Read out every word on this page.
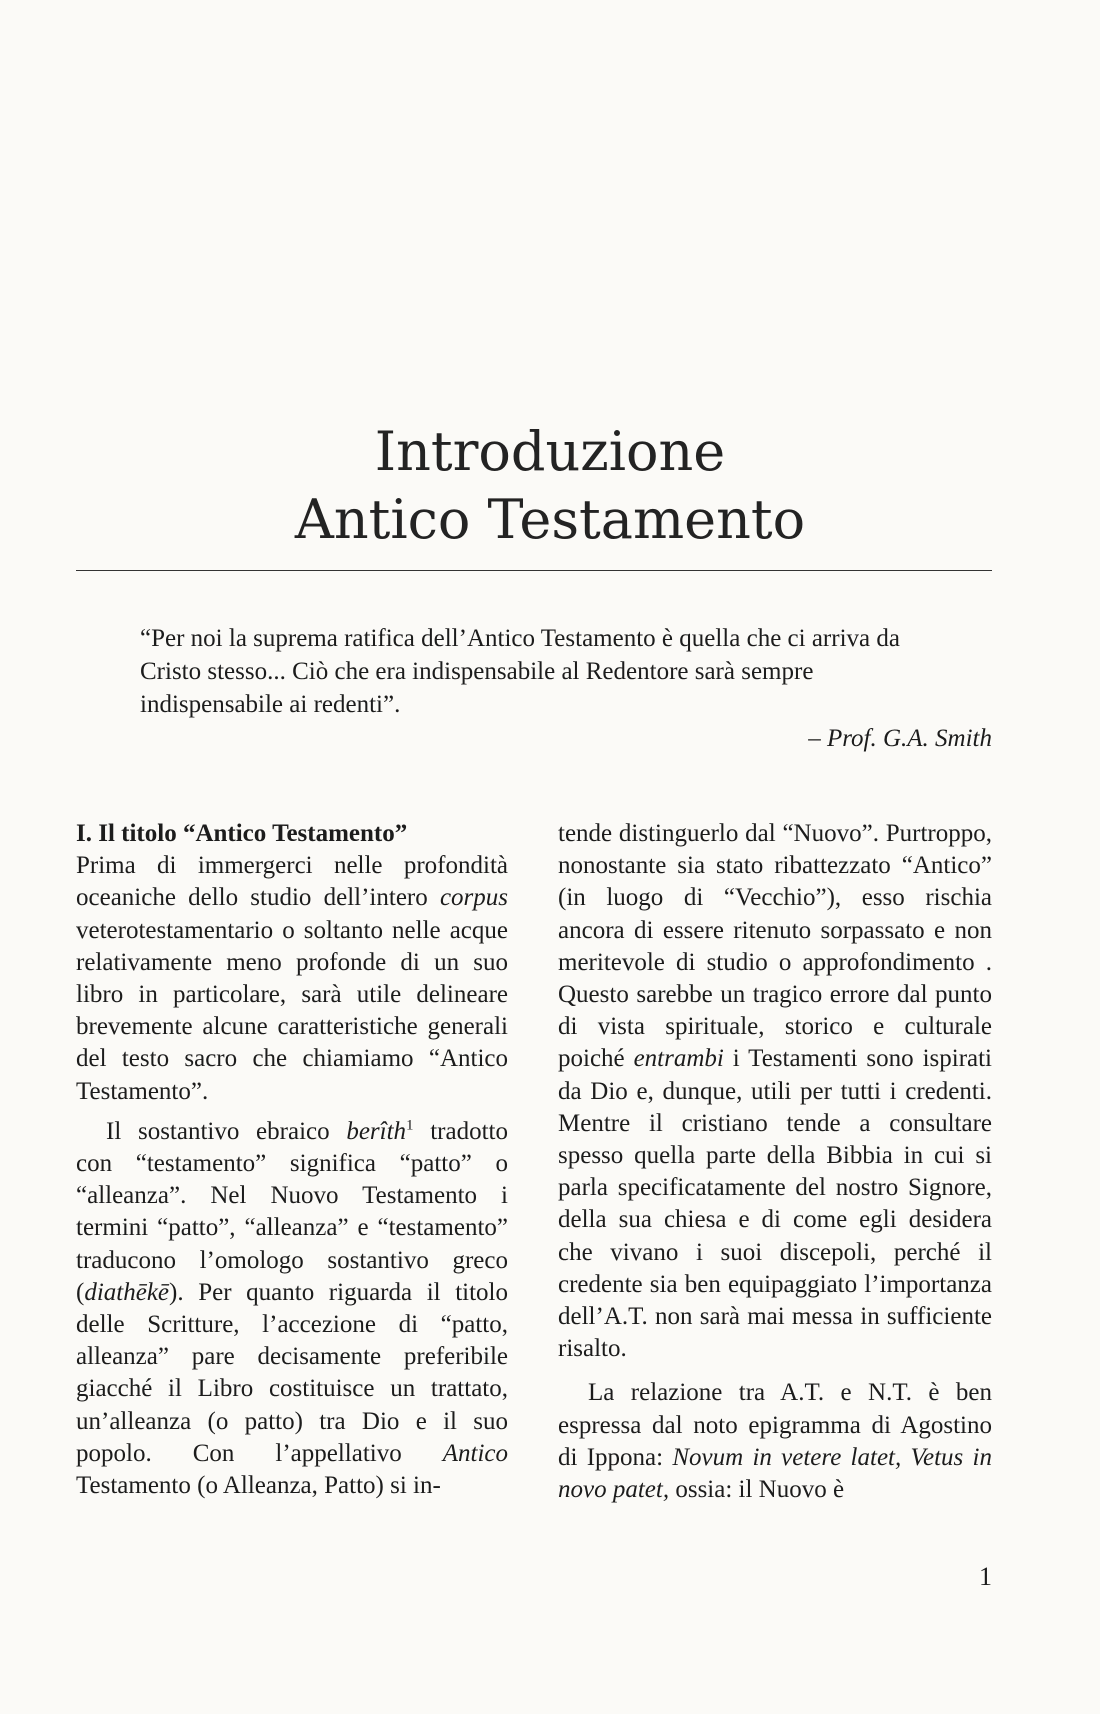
Introduzione
Antico Testamento

“Per noi la suprema ratifica dell’Antico Testamento è quella che ci arriva da Cristo stesso... Ciò che era indispensabile al Redentore sarà sempre indispensabile ai redenti”.

– Prof. G.A. Smith
I. Il titolo “Antico Testamento”

Prima di immergerci nelle profondità oceaniche dello studio dell’intero corpus veterotestamentario o soltanto nelle acque relativamente meno profonde di un suo libro in particolare, sarà utile delineare brevemente alcune caratteristiche generali del testo sacro che chiamiamo “Antico Testamento”.

Il sostantivo ebraico berîth$^1$ tradotto con “testamento” significa “patto” o “alleanza”. Nel Nuovo Testamento i termini “patto”, “alleanza” e “testamento” traducono l’omologo sostantivo greco (diathēkē). Per quanto riguarda il titolo delle Scritture, l’accezione di “patto, alleanza” pare decisamente preferibile giacché il Libro costituisce un trattato, un’alleanza (o patto) tra Dio e il suo popolo. Con l’appellativo Antico Testamento (o Alleanza, Patto) si in-

tende distinguerlo dal “Nuovo”. Purtroppo, nonostante sia stato ribattezzato “Antico” (in luogo di “Vecchio”), esso rischia ancora di essere ritenuto sorpassato e non meritevole di studio o approfondimento . Questo sarebbe un tragico errore dal punto di vista spirituale, storico e culturale poiché entrambi i Testamenti sono ispirati da Dio e, dunque, utili per tutti i credenti. Mentre il cristiano tende a consultare spesso quella parte della Bibbia in cui si parla specificatamente del nostro Signore, della sua chiesa e di come egli desidera che vivano i suoi discepoli, perché il credente sia ben equipaggiato l’importanza dell’A.T. non sarà mai messa in sufficiente risalto.

La relazione tra A.T. e N.T. è ben espressa dal noto epigramma di Agostino di Ippona: Novum in vetere latet, Vetus in novo patet, ossia: il Nuovo è

1
